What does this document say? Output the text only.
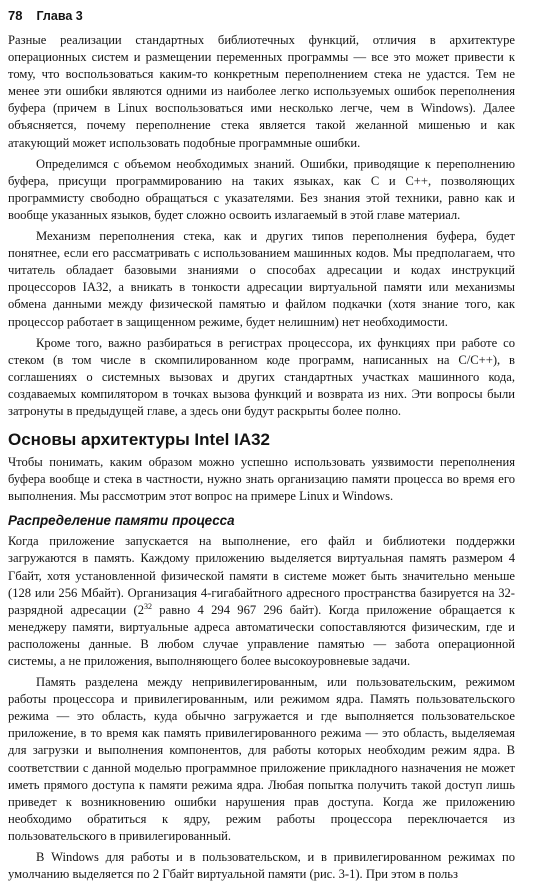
78 Глава 3

Разные реализации стандартных библиотечных функций, отличия в архитектуре операционных систем и размещении переменных программы — все это может привести к тому, что воспользоваться каким-то конкретным переполнением стека не удастся. Тем не менее эти ошибки являются одними из наиболее легко используемых ошибок переполнения буфера (причем в Linux воспользоваться ими несколько легче, чем в Windows). Далее объясняется, почему переполнение стека является такой желанной мишенью и как атакующий может использовать подобные программные ошибки.

Определимся с объемом необходимых знаний. Ошибки, приводящие к переполнению буфера, присущи программированию на таких языках, как C и C++, позволяющих программисту свободно обращаться с указателями. Без знания этой техники, равно как и вообще указанных языков, будет сложно освоить излагаемый в этой главе материал.

Механизм переполнения стека, как и других типов переполнения буфера, будет понятнее, если его рассматривать с использованием машинных кодов. Мы предполагаем, что читатель обладает базовыми знаниями о способах адресации и кодах инструкций процессоров IA32, а вникать в тонкости адресации виртуальной памяти или механизмы обмена данными между физической памятью и файлом подкачки (хотя знание того, как процессор работает в защищенном режиме, будет нелишним) нет необходимости.

Кроме того, важно разбираться в регистрах процессора, их функциях при работе со стеком (в том числе в скомпилированном коде программ, написанных на C/C++), в соглашениях о системных вызовах и других стандартных участках машинного кода, создаваемых компилятором в точках вызова функций и возврата из них. Эти вопросы были затронуты в предыдущей главе, а здесь они будут раскрыты более полно.

Основы архитектуры Intel IA32

Чтобы понимать, каким образом можно успешно использовать уязвимости переполнения буфера вообще и стека в частности, нужно знать организацию памяти процесса во время его выполнения. Мы рассмотрим этот вопрос на примере Linux и Windows.

Распределение памяти процесса

Когда приложение запускается на выполнение, его файл и библиотеки поддержки загружаются в память. Каждому приложению выделяется виртуальная память размером 4 Гбайт, хотя установленной физической памяти в системе может быть значительно меньше (128 или 256 Мбайт). Организация 4-гигабайтного адресного пространства базируется на 32-разрядной адресации ($2^{32}$ равно 4 294 967 296 байт). Когда приложение обращается к менеджеру памяти, виртуальные адреса автоматически сопоставляются физическим, где и расположены данные. В любом случае управление памятью — забота операционной системы, а не приложения, выполняющего более высокоуровневые задачи.

Память разделена между непривилегированным, или пользовательским, режимом работы процессора и привилегированным, или режимом ядра. Память пользовательского режима — это область, куда обычно загружается и где выполняется пользовательское приложение, в то время как память привилегированного режима — это область, выделяемая для загрузки и выполнения компонентов, для работы которых необходим режим ядра. В соответствии с данной моделью программное приложение прикладного назначения не может иметь прямого доступа к памяти режима ядра. Любая попытка получить такой доступ лишь приведет к возникновению ошибки нарушения прав доступа. Когда же приложению необходимо обратиться к ядру, режим работы процессора переключается из пользовательского в привилегированный.

В Windows для работы и в пользовательском, и в привилегированном режимах по умолчанию выделяется по 2 Гбайт виртуальной памяти (рис. 3-1). При этом в польз
